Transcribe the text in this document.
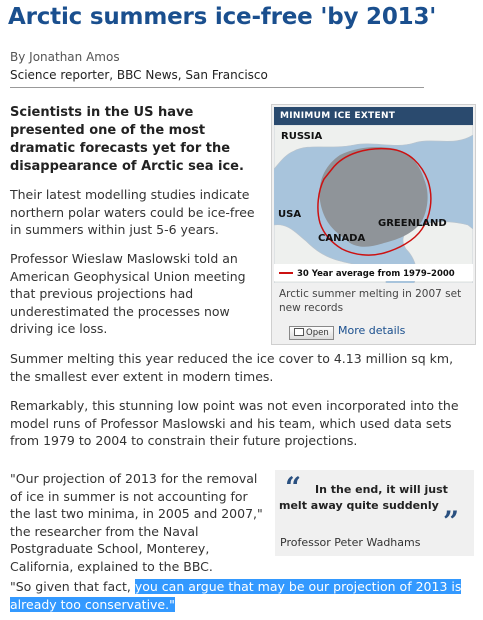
Arctic summers ice-free 'by 2013'
By Jonathan Amos
Science reporter, BBC News, San Francisco

Scientists in the US have presented one of the most dramatic forecasts yet for the disappearance of Arctic sea ice.

Their latest modelling studies indicate northern polar waters could be ice-free in summers within just 5-6 years.

Professor Wieslaw Maslowski told an American Geophysical Union meeting that previous projections had underestimated the processes now driving ice loss.

Summer melting this year reduced the ice cover to 4.13 million sq km, the smallest ever extent in modern times.

Remarkably, this stunning low point was not even incorporated into the model runs of Professor Maslowski and his team, which used data sets from 1979 to 2004 to constrain their future projections.

"Our projection of 2013 for the removal of ice in summer is not accounting for the last two minima, in 2005 and 2007," the researcher from the Naval Postgraduate School, Monterey, California, explained to the BBC.

"So given that fact, you can argue that may be our projection of 2013 is already too conservative."

MINIMUM ICE EXTENT
RUSSIA
USA
CANADA
GREENLAND
30 Year average from 1979–2000
Arctic summer melting in 2007 set new records
Open More details
“	In the end, it will just melt away quite suddenly ”
Professor Peter Wadhams
